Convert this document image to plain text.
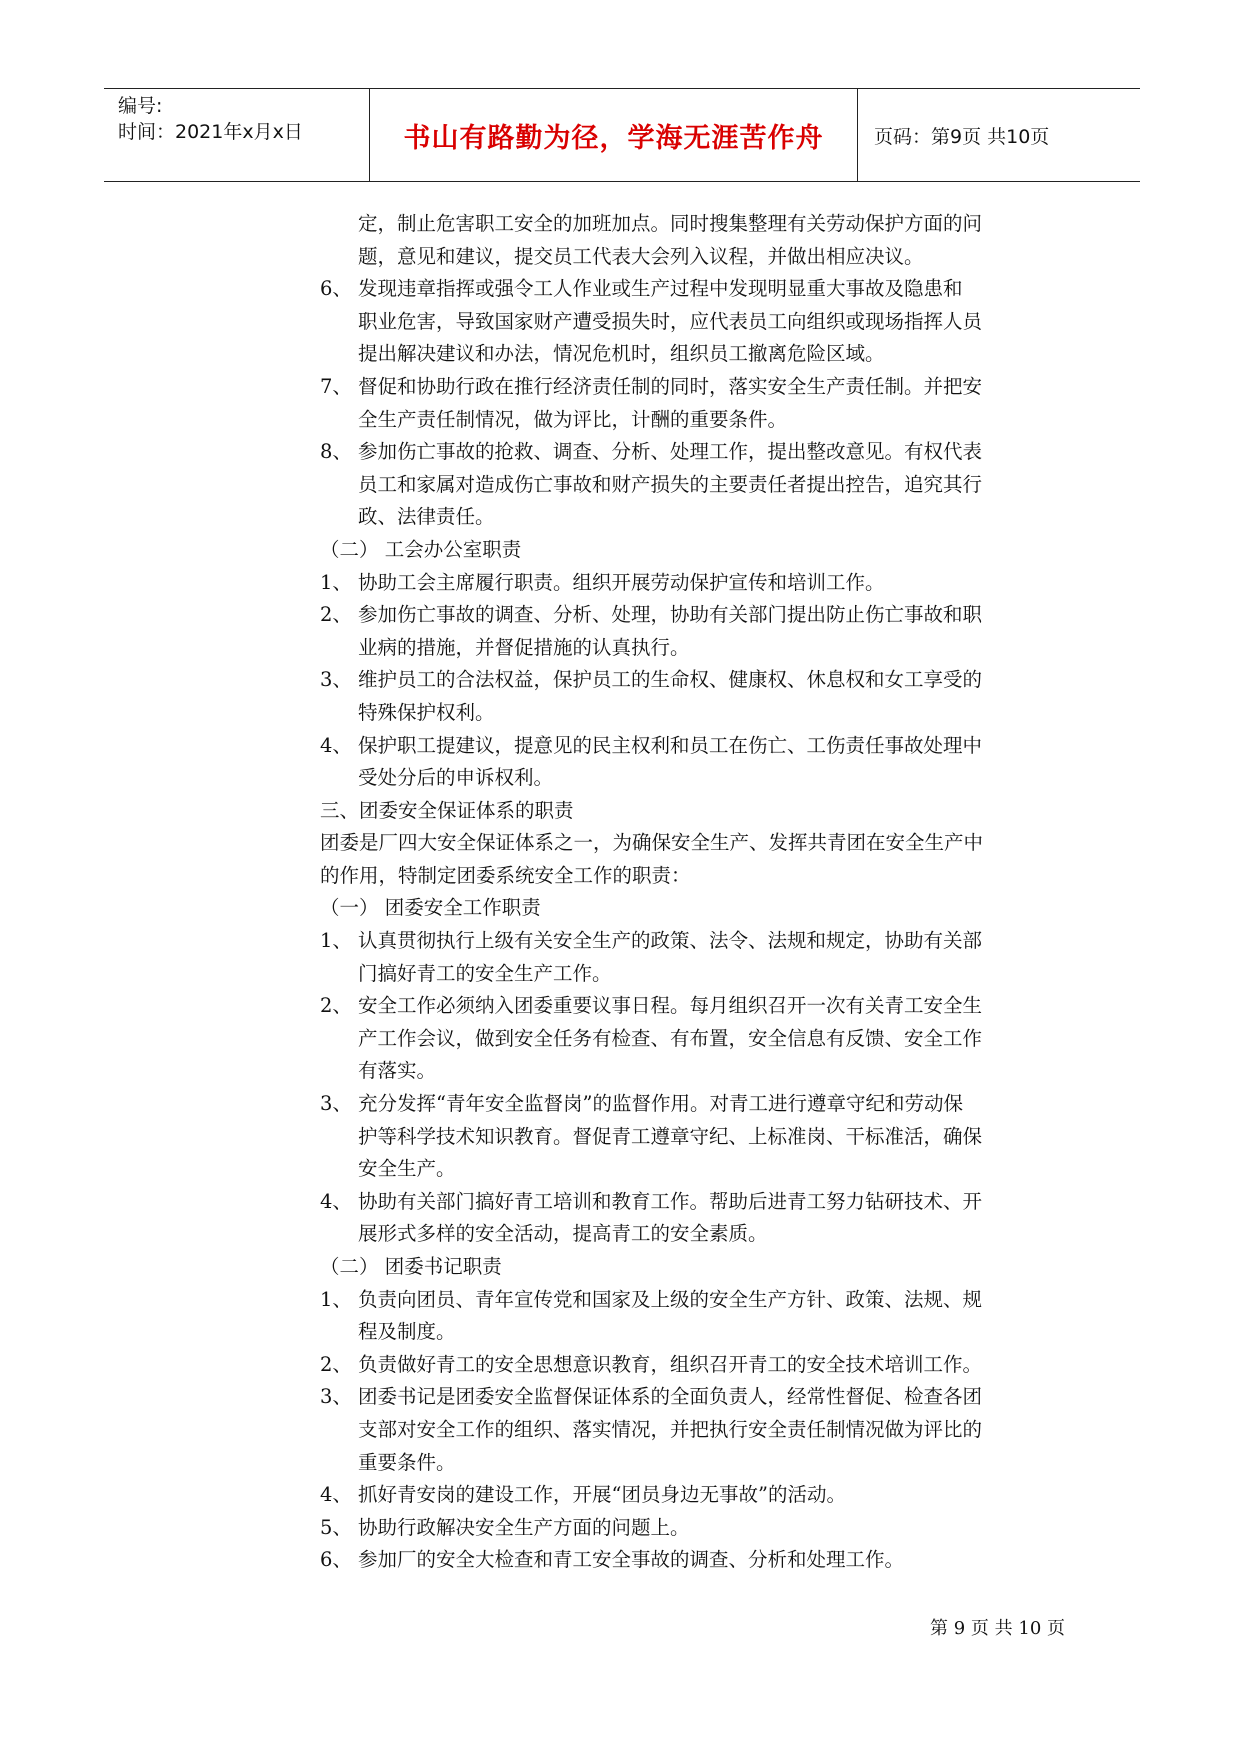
编号:
时间：2021年x月x日	书山有路勤为径，学海无涯苦作舟	页码：第9页 共10页
定，制止危害职工安全的加班加点。同时搜集整理有关劳动保护方面的问
题，意见和建议，提交员工代表大会列入议程，并做出相应决议。
6、 发现违章指挥或强令工人作业或生产过程中发现明显重大事故及隐患和
职业危害，导致国家财产遭受损失时，应代表员工向组织或现场指挥人员
提出解决建议和办法，情况危机时，组织员工撤离危险区域。
7、 督促和协助行政在推行经济责任制的同时，落实安全生产责任制。并把安
全生产责任制情况，做为评比，计酬的重要条件。
8、 参加伤亡事故的抢救、调查、分析、处理工作，提出整改意见。有权代表
员工和家属对造成伤亡事故和财产损失的主要责任者提出控告，追究其行
政、法律责任。
（二） 工会办公室职责
1、 协助工会主席履行职责。组织开展劳动保护宣传和培训工作。
2、 参加伤亡事故的调查、分析、处理，协助有关部门提出防止伤亡事故和职
业病的措施，并督促措施的认真执行。
3、 维护员工的合法权益，保护员工的生命权、健康权、休息权和女工享受的
特殊保护权利。
4、 保护职工提建议，提意见的民主权利和员工在伤亡、工伤责任事故处理中
受处分后的申诉权利。
三、团委安全保证体系的职责
团委是厂四大安全保证体系之一，为确保安全生产、发挥共青团在安全生产中
的作用，特制定团委系统安全工作的职责：
（一） 团委安全工作职责
1、 认真贯彻执行上级有关安全生产的政策、法令、法规和规定，协助有关部
门搞好青工的安全生产工作。
2、 安全工作必须纳入团委重要议事日程。每月组织召开一次有关青工安全生
产工作会议，做到安全任务有检查、有布置，安全信息有反馈、安全工作
有落实。
3、 充分发挥“青年安全监督岗”的监督作用。对青工进行遵章守纪和劳动保
护等科学技术知识教育。督促青工遵章守纪、上标准岗、干标准活，确保
安全生产。
4、 协助有关部门搞好青工培训和教育工作。帮助后进青工努力钻研技术、开
展形式多样的安全活动，提高青工的安全素质。
（二） 团委书记职责
1、 负责向团员、青年宣传党和国家及上级的安全生产方针、政策、法规、规
程及制度。
2、 负责做好青工的安全思想意识教育，组织召开青工的安全技术培训工作。
3、 团委书记是团委安全监督保证体系的全面负责人，经常性督促、检查各团
支部对安全工作的组织、落实情况，并把执行安全责任制情况做为评比的
重要条件。
4、 抓好青安岗的建设工作，开展“团员身边无事故”的活动。
5、 协助行政解决安全生产方面的问题上。
6、 参加厂的安全大检查和青工安全事故的调查、分析和处理工作。
第 9 页 共 10 页
